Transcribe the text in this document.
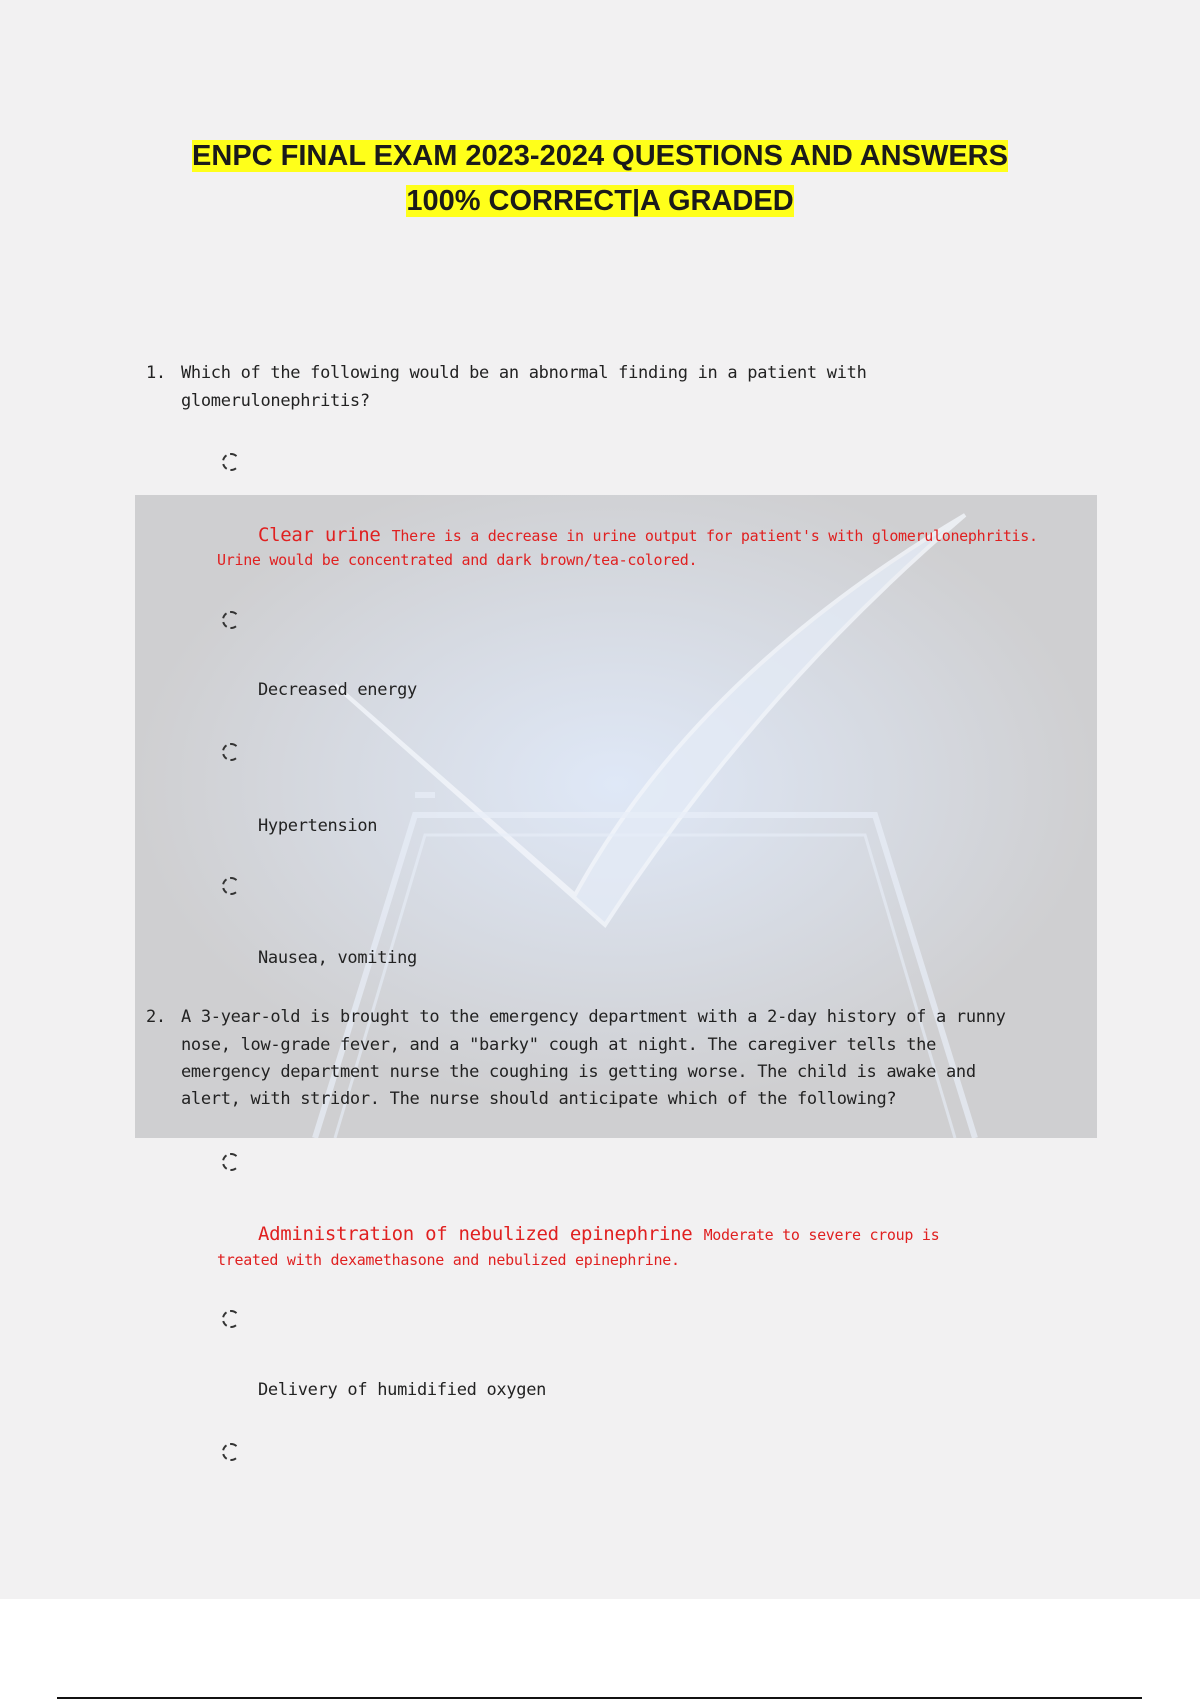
ENPC FINAL EXAM 2023-2024 QUESTIONS AND ANSWERS
100% CORRECT|A GRADED
1. Which of the following would be an abnormal finding in a patient with
glomerulonephritis?
Clear urine There is a decrease in urine output for patient's with glomerulonephritis.
Urine would be concentrated and dark brown/tea-colored.
Decreased energy
Hypertension
Nausea, vomiting
2. A 3-year-old is brought to the emergency department with a 2-day history of a runny
nose, low-grade fever, and a "barky" cough at night. The caregiver tells the
emergency department nurse the coughing is getting worse. The child is awake and
alert, with stridor. The nurse should anticipate which of the following?
Administration of nebulized epinephrine Moderate to severe croup is
treated with dexamethasone and nebulized epinephrine.
Delivery of humidified oxygen
